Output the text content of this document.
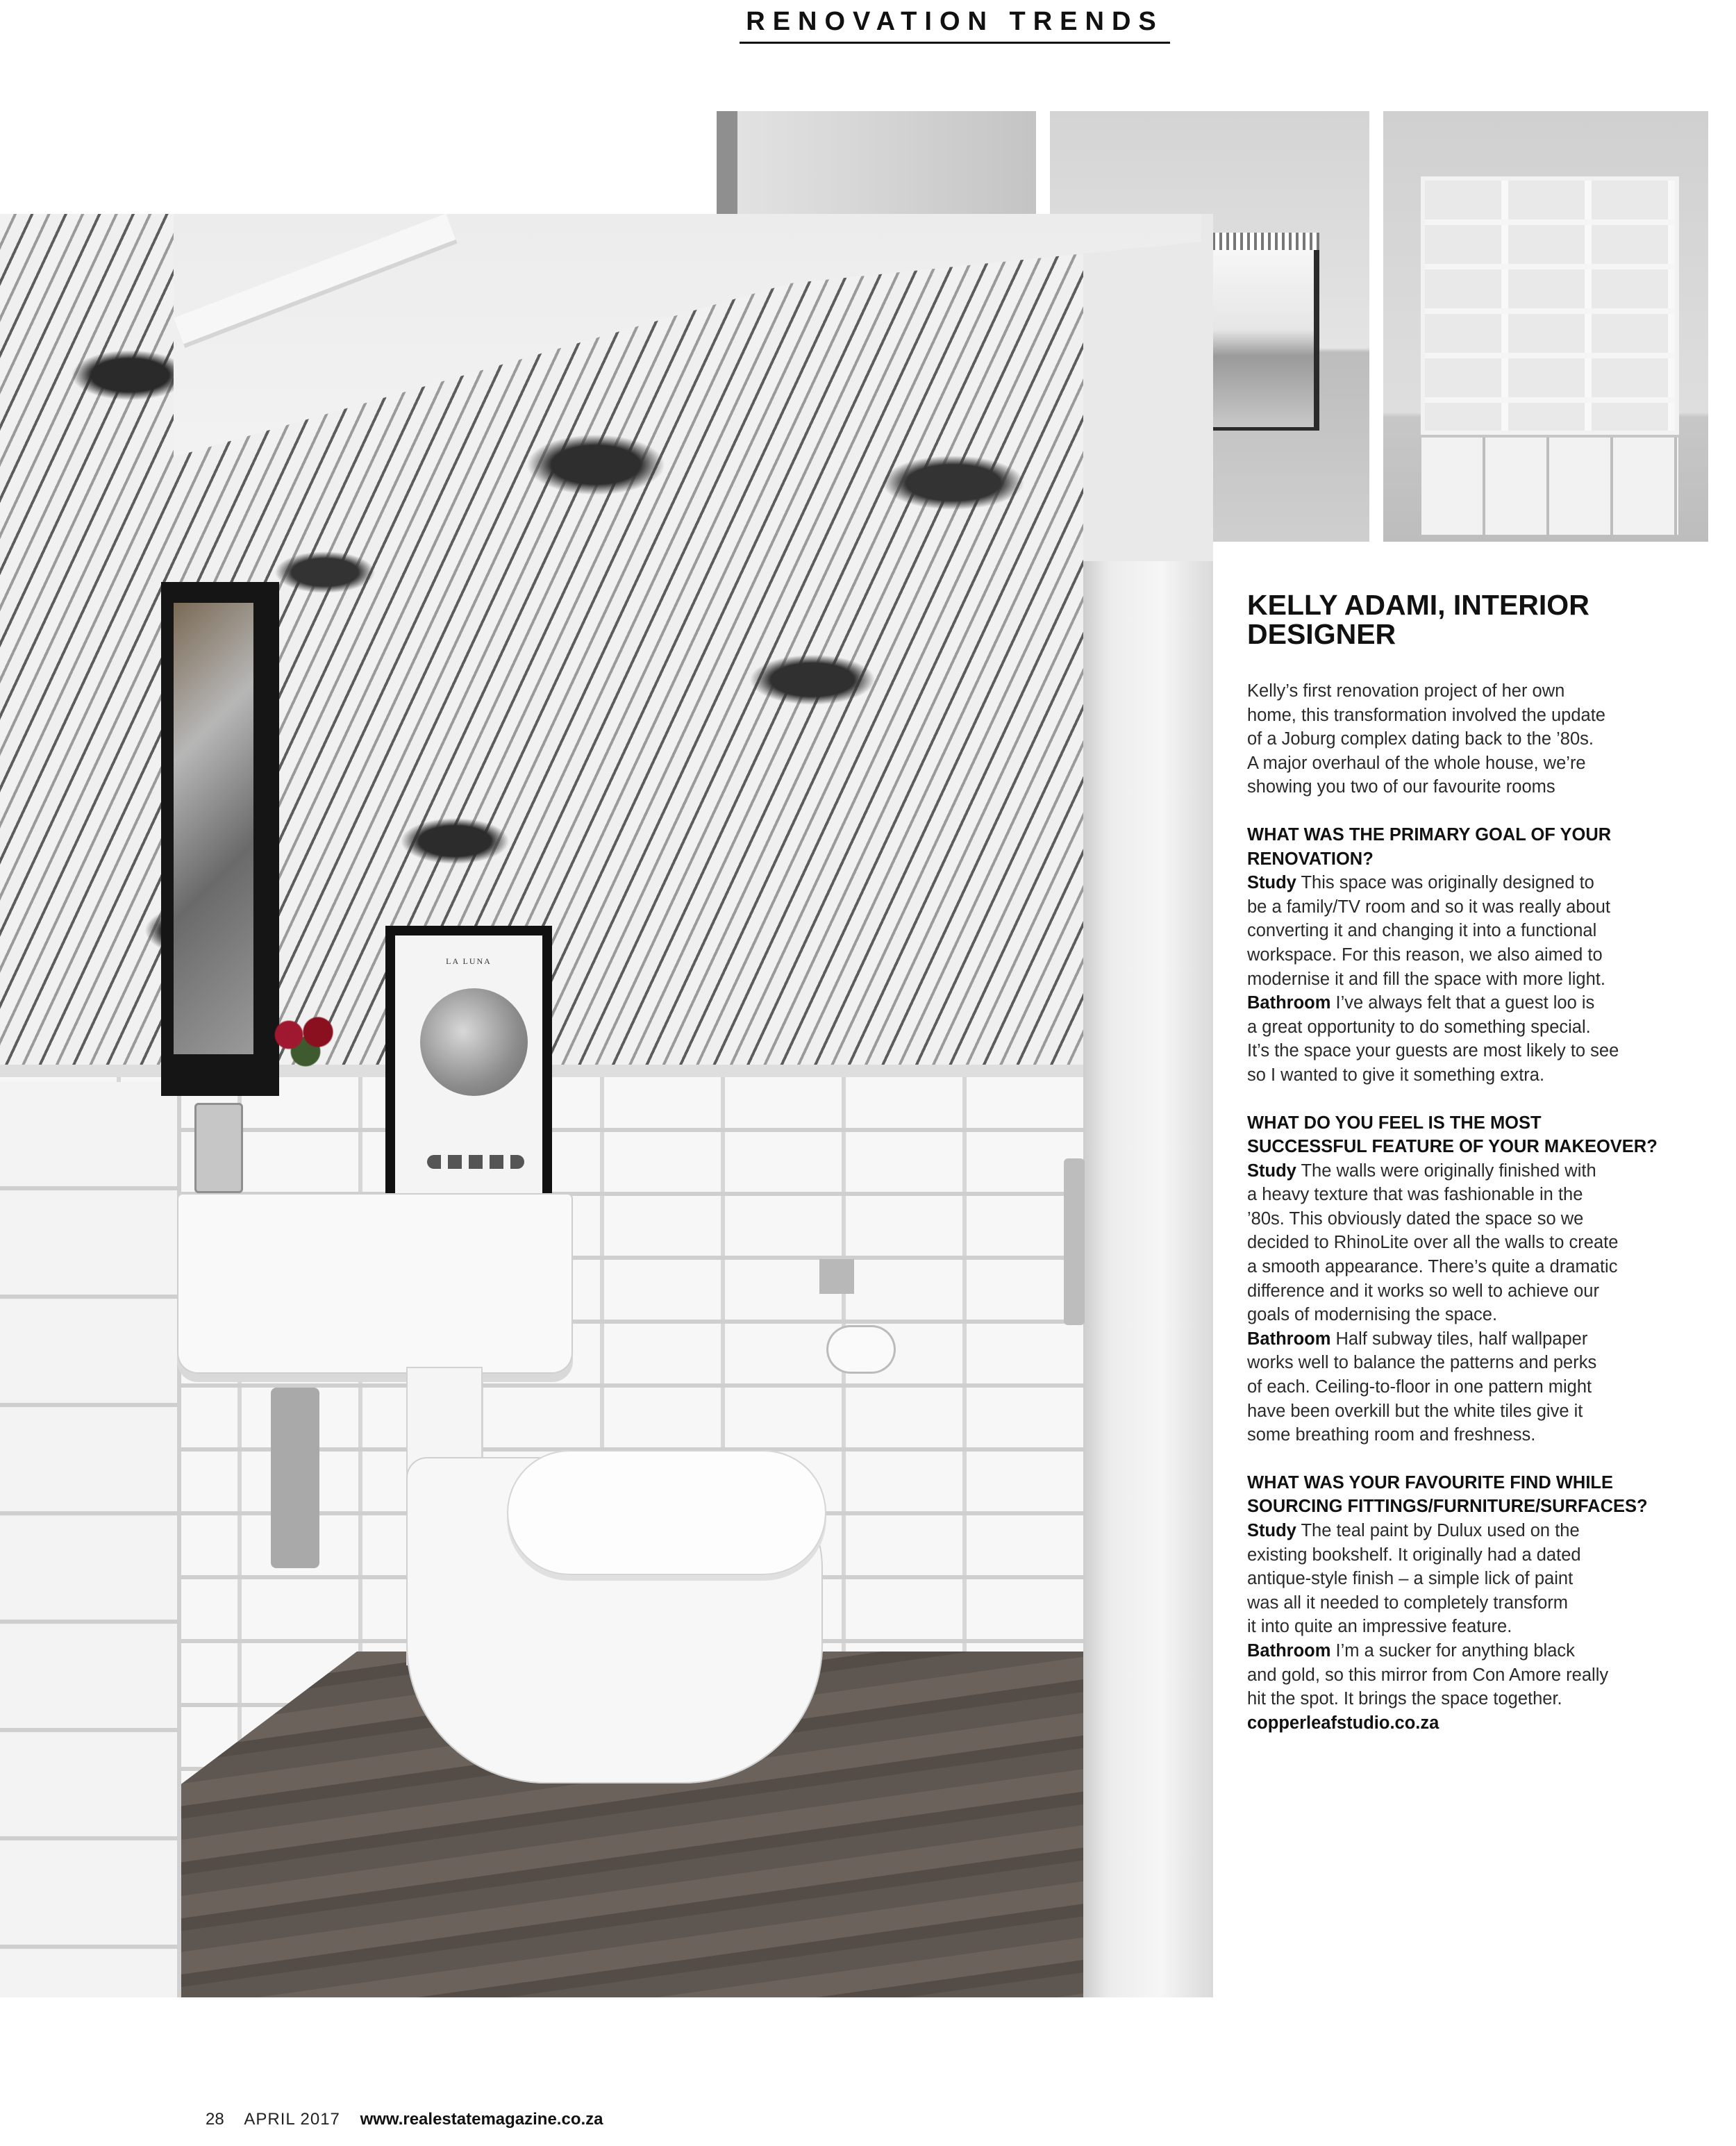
RENOVATION TRENDS
LA LUNA
KELLY ADAMI, INTERIOR
DESIGNER

Kelly’s first renovation project of her own
home, this transformation involved the update
of a Joburg complex dating back to the ’80s.
A major overhaul of the whole house, we’re
showing you two of our favourite rooms

WHAT WAS THE PRIMARY GOAL OF YOUR
RENOVATION?

Study This space was originally designed to
be a family/TV room and so it was really about
converting it and changing it into a functional
workspace. For this reason, we also aimed to
modernise it and fill the space with more light.

Bathroom I’ve always felt that a guest loo is
a great opportunity to do something special.
It’s the space your guests are most likely to see
so I wanted to give it something extra.

WHAT DO YOU FEEL IS THE MOST
SUCCESSFUL FEATURE OF YOUR MAKEOVER?

Study The walls were originally finished with
a heavy texture that was fashionable in the
’80s. This obviously dated the space so we
decided to RhinoLite over all the walls to create
a smooth appearance. There’s quite a dramatic
difference and it works so well to achieve our
goals of modernising the space.

Bathroom Half subway tiles, half wallpaper
works well to balance the patterns and perks
of each. Ceiling-to-floor in one pattern might
have been overkill but the white tiles give it
some breathing room and freshness.

WHAT WAS YOUR FAVOURITE FIND WHILE
SOURCING FITTINGS/FURNITURE/SURFACES?

Study The teal paint by Dulux used on the
existing bookshelf. It originally had a dated
antique-style finish – a simple lick of paint
was all it needed to completely transform
it into quite an impressive feature.

Bathroom I’m a sucker for anything black
and gold, so this mirror from Con Amore really
hit the spot. It brings the space together.

copperleafstudio.co.za

28 APRIL 2017 www.realestatemagazine.co.za
